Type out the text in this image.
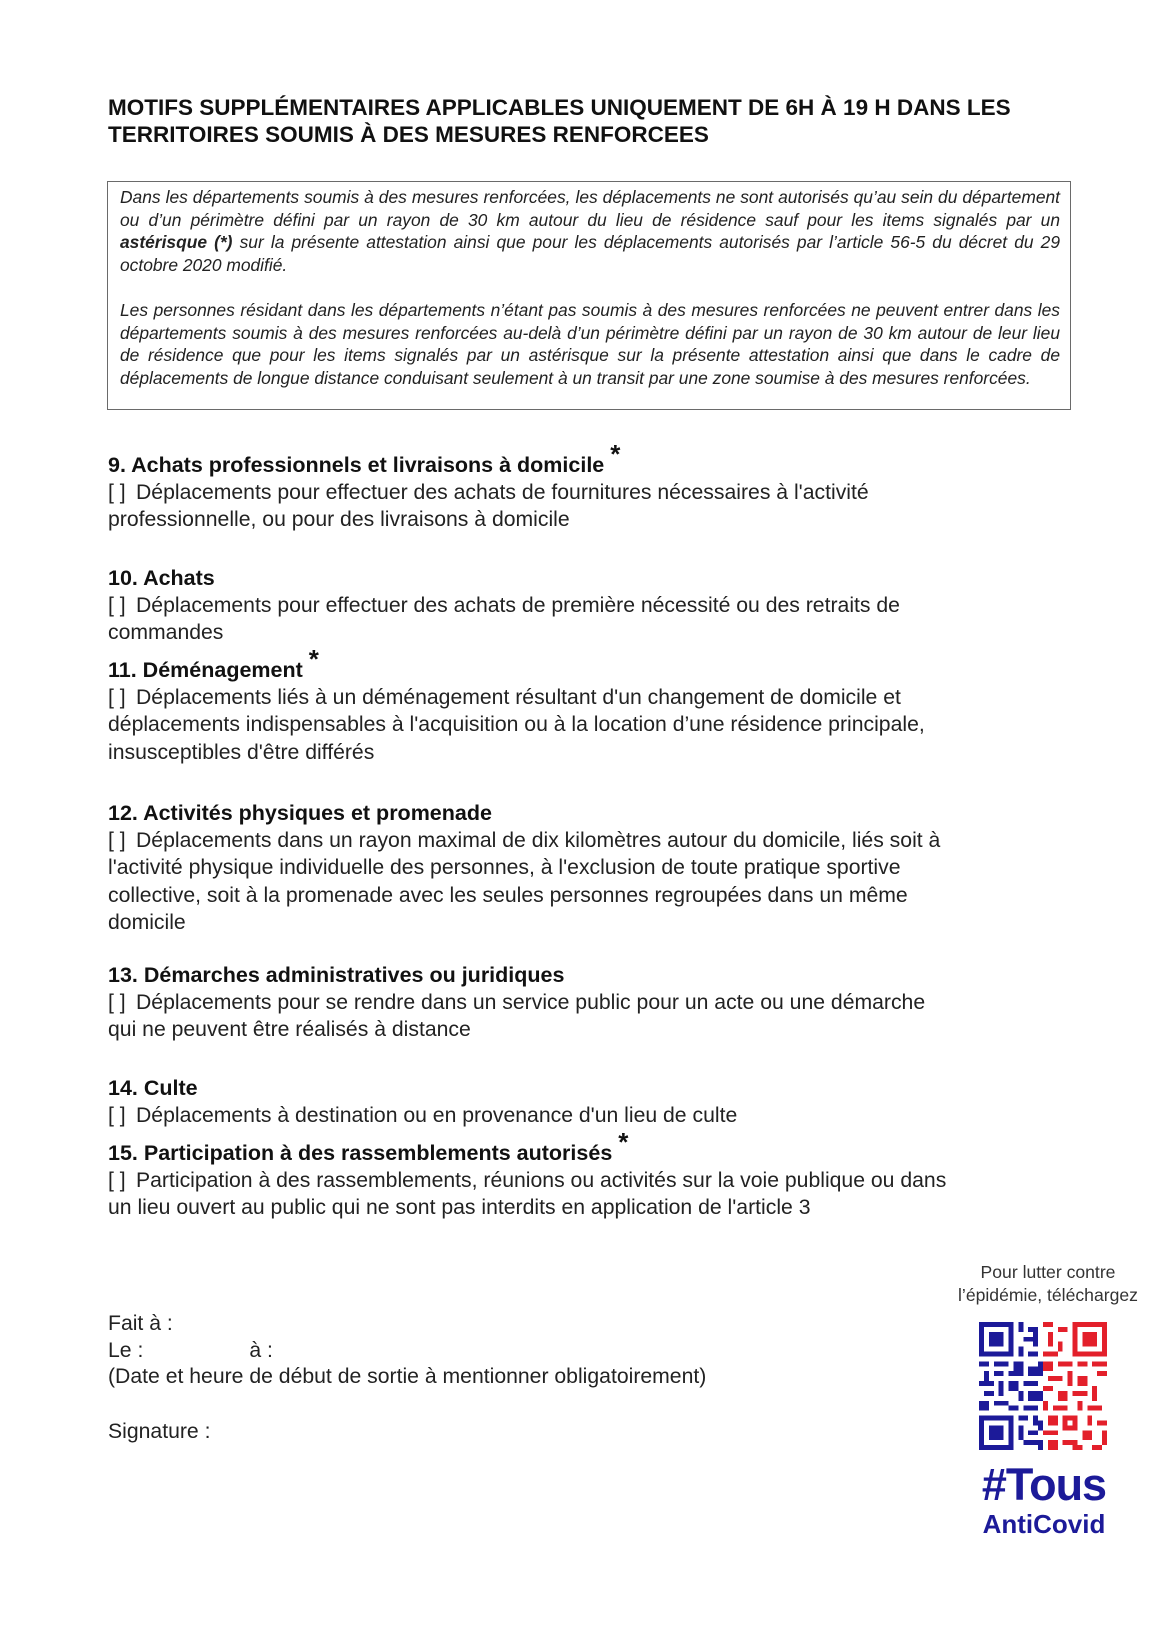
MOTIFS SUPPLÉMENTAIRES APPLICABLES UNIQUEMENT DE 6H À 19 H DANS LES
TERRITOIRES SOUMIS À DES MESURES RENFORCEES

Dans les départements soumis à des mesures renforcées, les déplacements ne sont autorisés qu’au sein du département ou d’un périmètre défini par un rayon de 30 km autour du lieu de résidence sauf pour les items signalés par un astérisque (*) sur la présente attestation ainsi que pour les déplacements autorisés par l’article 56-5 du décret du 29 octobre 2020 modifié.

Les personnes résidant dans les départements n’étant pas soumis à des mesures renforcées ne peuvent entrer dans les départements soumis à des mesures renforcées au-delà d’un périmètre défini par un rayon de 30 km autour de leur lieu de résidence que pour les items signalés par un astérisque sur la présente attestation ainsi que dans le cadre de déplacements de longue distance conduisant seulement à un transit par une zone soumise à des mesures renforcées.

9. Achats professionnels et livraisons à domicile *
[ ] Déplacements pour effectuer des achats de fournitures nécessaires à l'activité
professionnelle, ou pour des livraisons à domicile
10. Achats
[ ] Déplacements pour effectuer des achats de première nécessité ou des retraits de
commandes
11. Déménagement *
[ ] Déplacements liés à un déménagement résultant d'un changement de domicile et
déplacements indispensables à l'acquisition ou à la location d’une résidence principale,
insusceptibles d'être différés
12. Activités physiques et promenade
[ ] Déplacements dans un rayon maximal de dix kilomètres autour du domicile, liés soit à
l'activité physique individuelle des personnes, à l'exclusion de toute pratique sportive
collective, soit à la promenade avec les seules personnes regroupées dans un même
domicile
13. Démarches administratives ou juridiques
[ ] Déplacements pour se rendre dans un service public pour un acte ou une démarche
qui ne peuvent être réalisés à distance
14. Culte
[ ] Déplacements à destination ou en provenance d'un lieu de culte
15. Participation à des rassemblements autorisés *
[ ] Participation à des rassemblements, réunions ou activités sur la voie publique ou dans
un lieu ouvert au public qui ne sont pas interdits en application de l'article 3
Fait à :
Le :	à :
(Date et heure de début de sortie à mentionner obligatoirement)
Signature :
Pour lutter contre
l’épidémie, téléchargez
#Tous
AntiCovid
